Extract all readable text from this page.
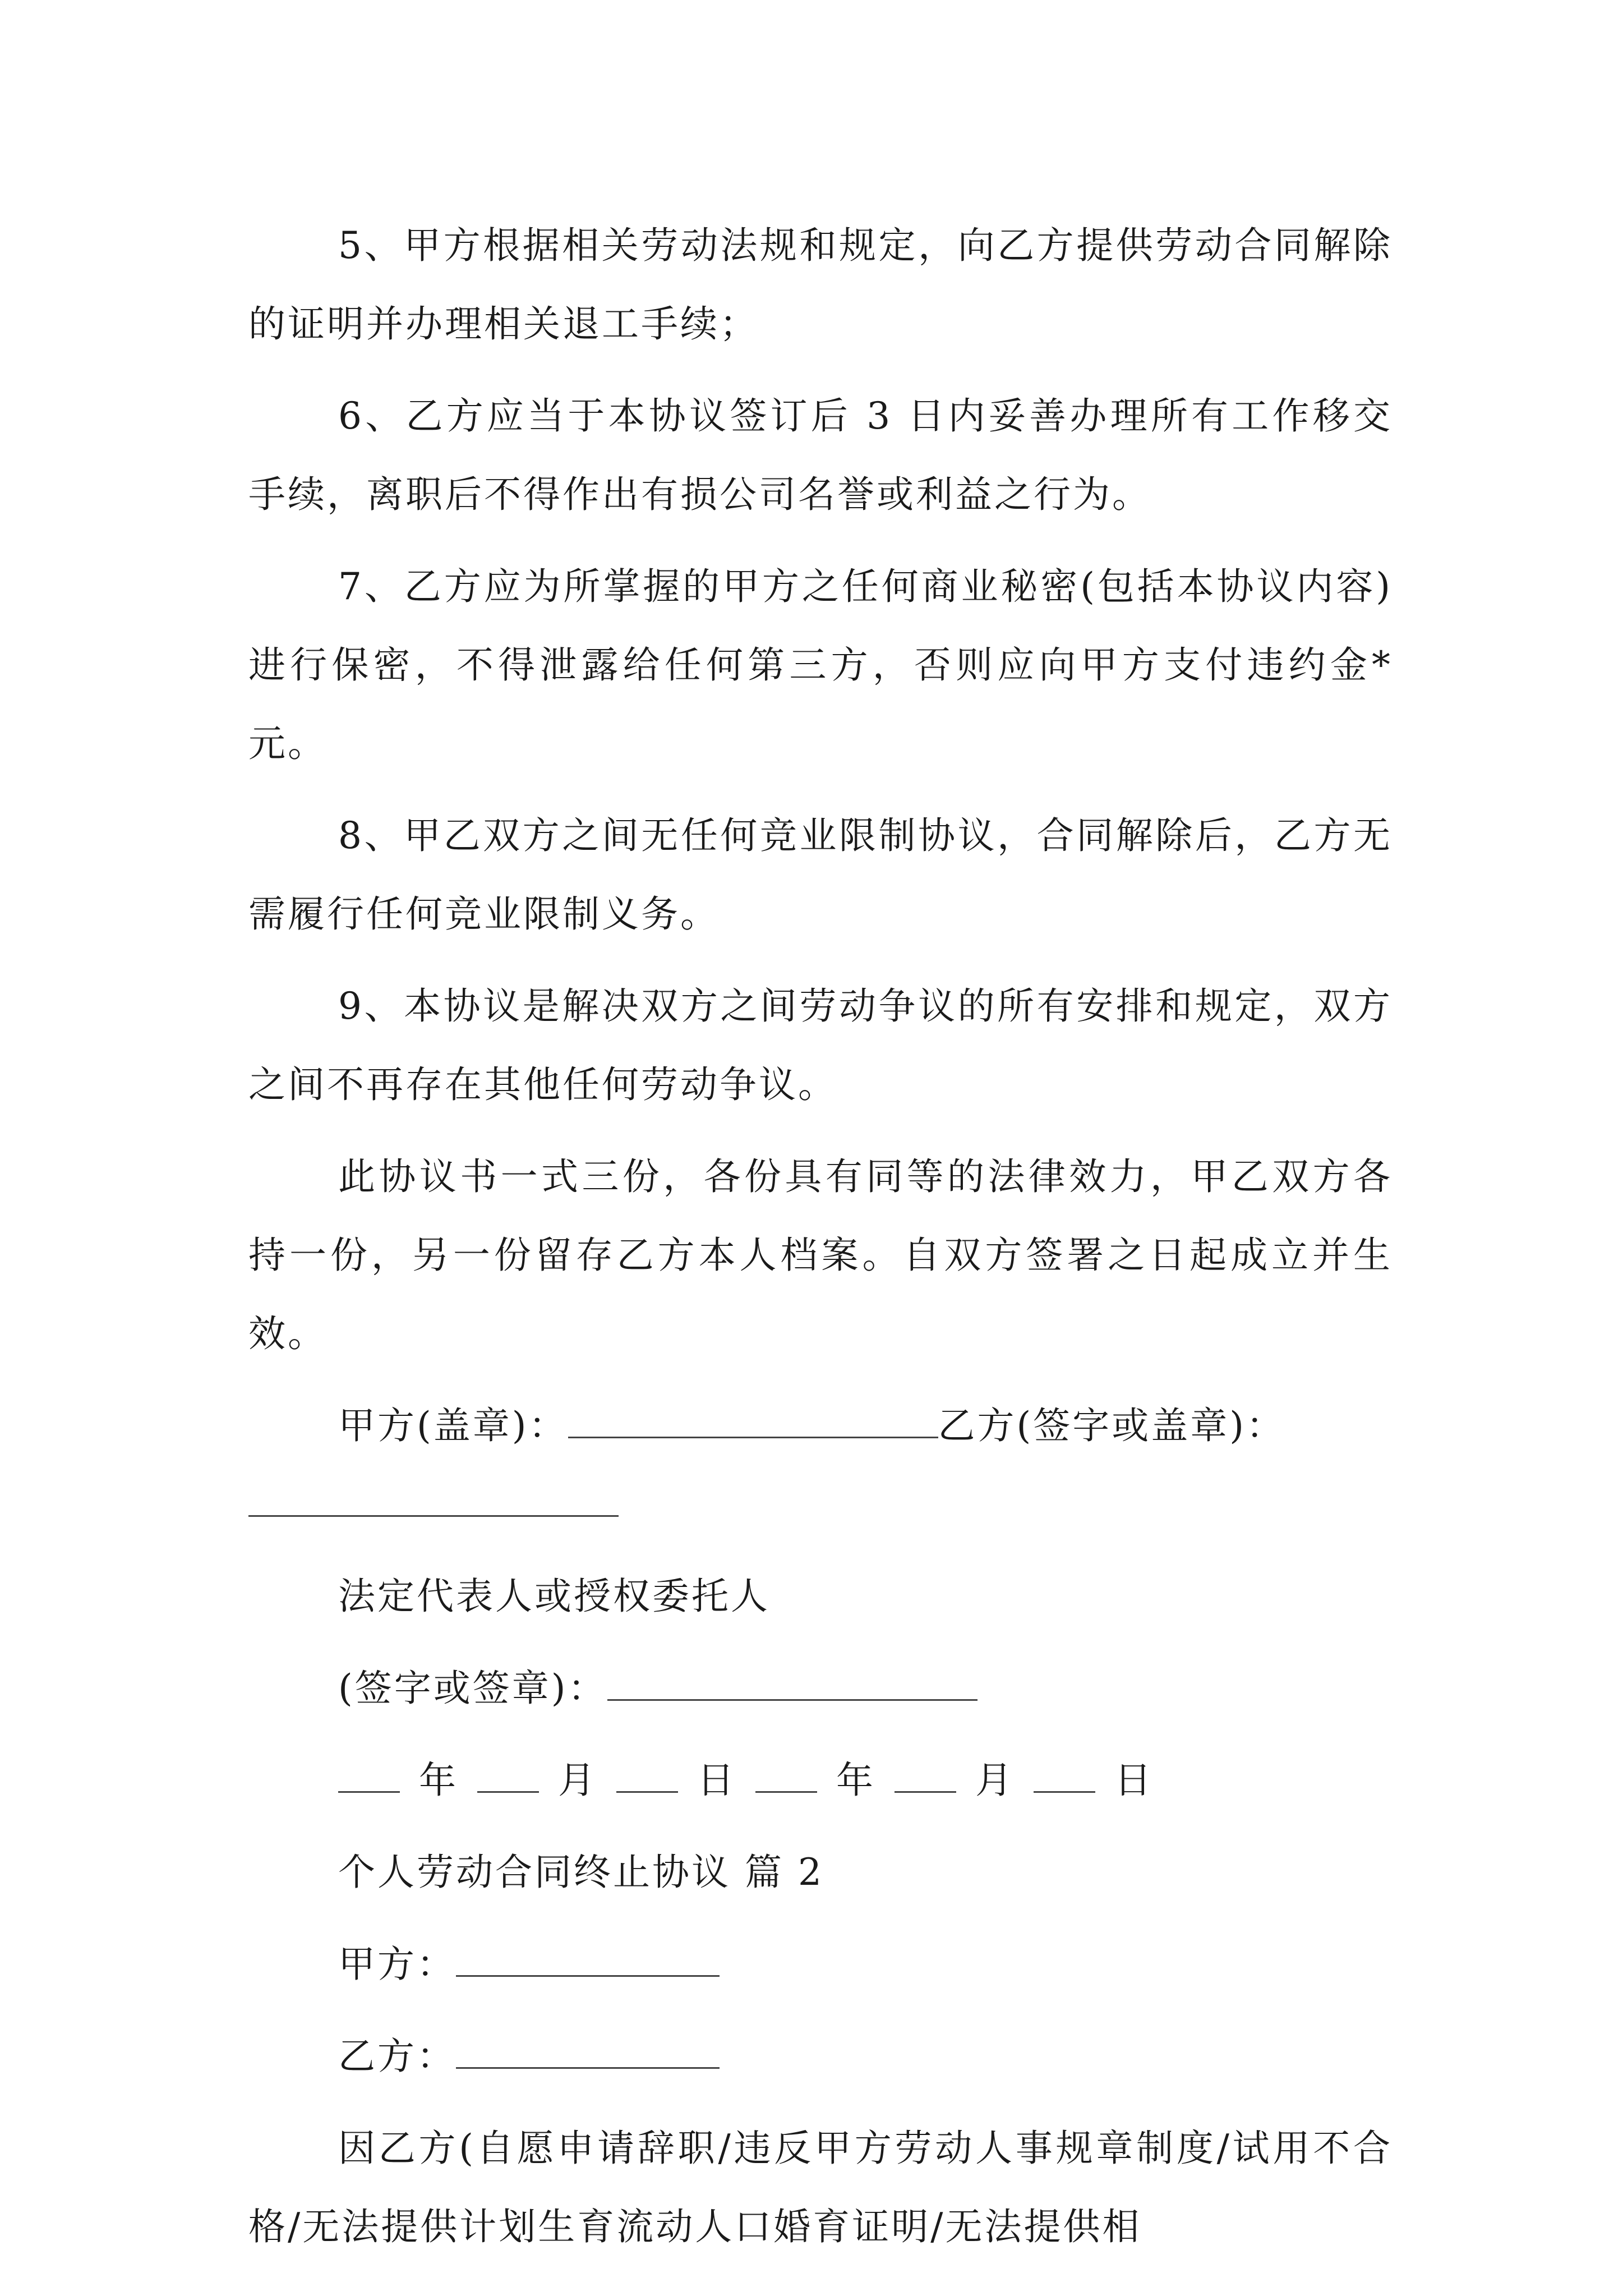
5、甲方根据相关劳动法规和规定，向乙方提供劳动合同解除的证明并办理相关退工手续；

6、乙方应当于本协议签订后 3 日内妥善办理所有工作移交手续，离职后不得作出有损公司名誉或利益之行为。

7、乙方应为所掌握的甲方之任何商业秘密(包括本协议内容)进行保密，不得泄露给任何第三方，否则应向甲方支付违约金*元。

8、甲乙双方之间无任何竞业限制协议，合同解除后，乙方无需履行任何竞业限制义务。

9、本协议是解决双方之间劳动争议的所有安排和规定，双方之间不再存在其他任何劳动争议。

此协议书一式三份，各份具有同等的法律效力，甲乙双方各持一份，另一份留存乙方本人档案。自双方签署之日起成立并生效。

甲方(盖章)：	乙方(签字或盖章)：
法定代表人或授权委托人
(签字或签章)：
年	月	日	年	月	日
个人劳动合同终止协议 篇 2
甲方：
乙方：

因乙方(自愿申请辞职/违反甲方劳动人事规章制度/试用不合格/无法提供计划生育流动人口婚育证明/无法提供相
